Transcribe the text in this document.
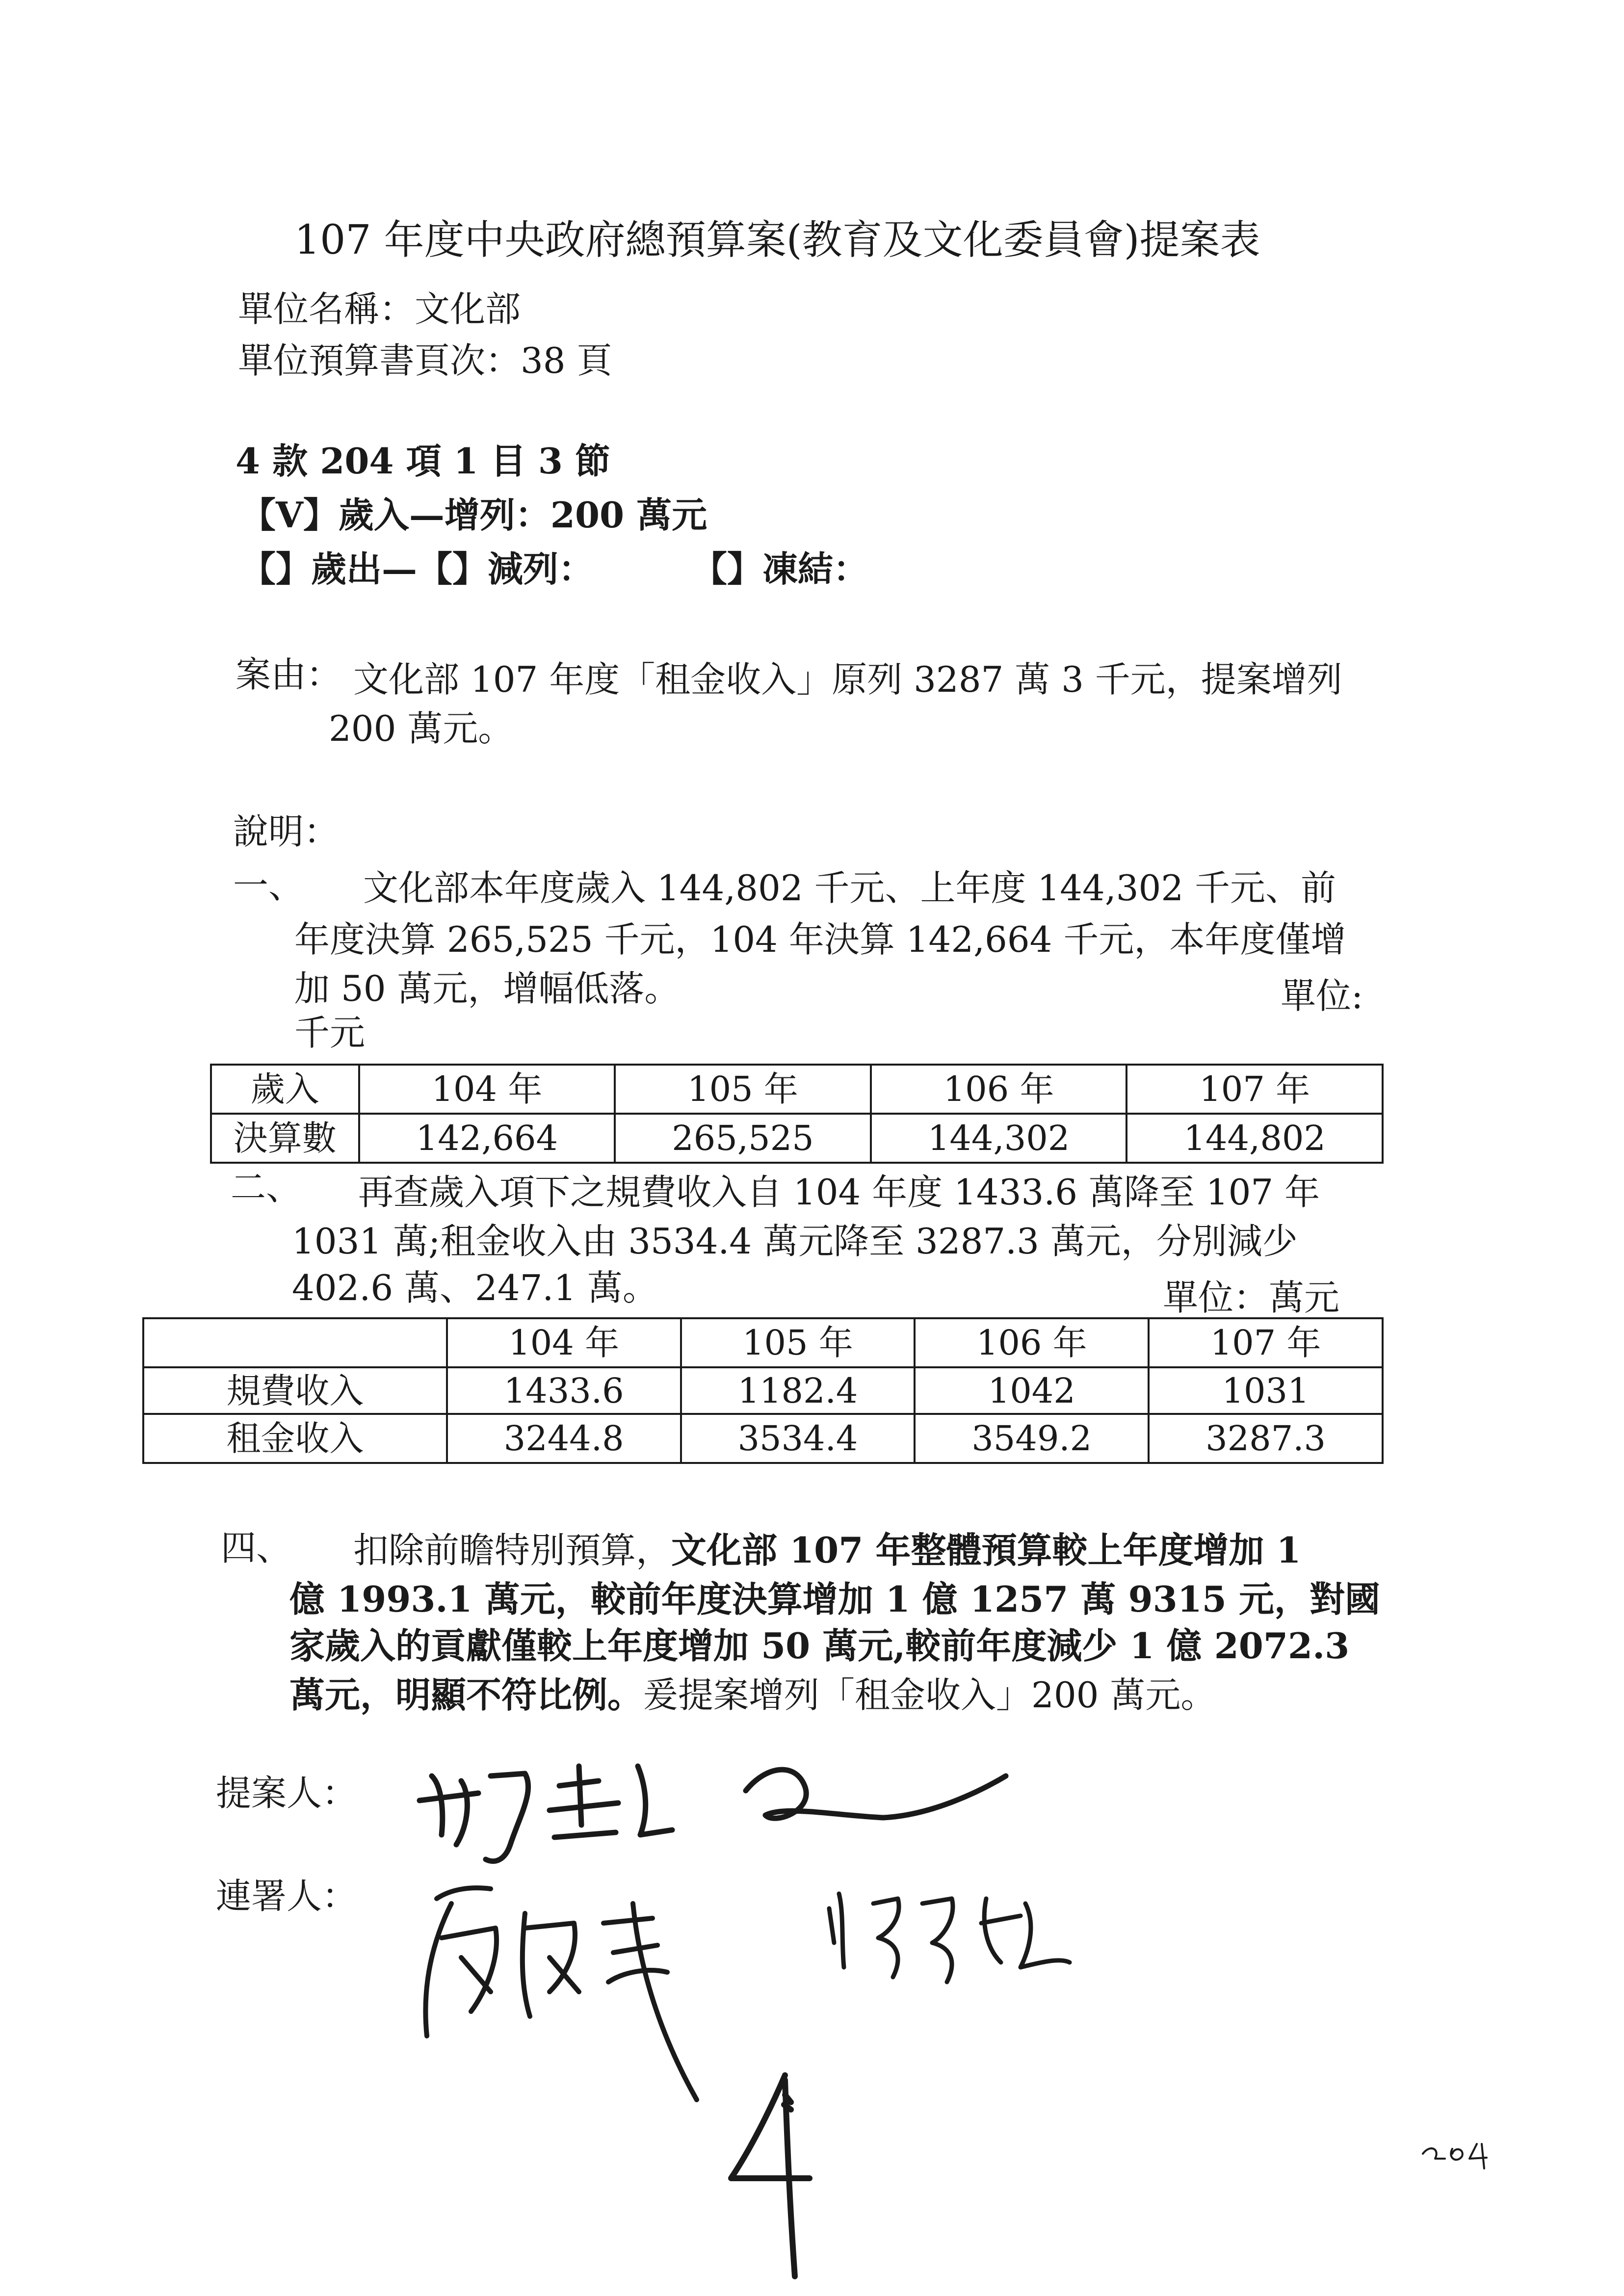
107 年度中央政府總預算案(教育及文化委員會)提案表
單位名稱：文化部
單位預算書頁次：38 頁
4 款 204 項 1 目 3 節
【V】歲入—增列：200 萬元
【】歲出—【】減列：	【】凍結：
案由： 文化部 107 年度「租金收入」原列 3287 萬 3 千元，提案增列
200 萬元。
說明：
一、 文化部本年度歲入 144,802 千元、上年度 144,302 千元、前
年度決算 265,525 千元，104 年決算 142,664 千元，本年度僅增
加 50 萬元，增幅低落。	單位:
千元
歲入	104 年	105 年	106 年	107 年
決算數	142,664	265,525	144,302	144,802
二、 再查歲入項下之規費收入自 104 年度 1433.6 萬降至 107 年
1031 萬;租金收入由 3534.4 萬元降至 3287.3 萬元，分別減少
402.6 萬、247.1 萬。	單位：萬元
	104 年	105 年	106 年	107 年
規費收入	1433.6	1182.4	1042	1031
租金收入	3244.8	3534.4	3549.2	3287.3
四、 扣除前瞻特別預算，文化部 107 年整體預算較上年度增加 1
億 1993.1 萬元，較前年度決算增加 1 億 1257 萬 9315 元，對國
家歲入的貢獻僅較上年度增加 50 萬元,較前年度減少 1 億 2072.3
萬元，明顯不符比例。爰提案增列「租金收入」200 萬元。
提案人：
連署人：
